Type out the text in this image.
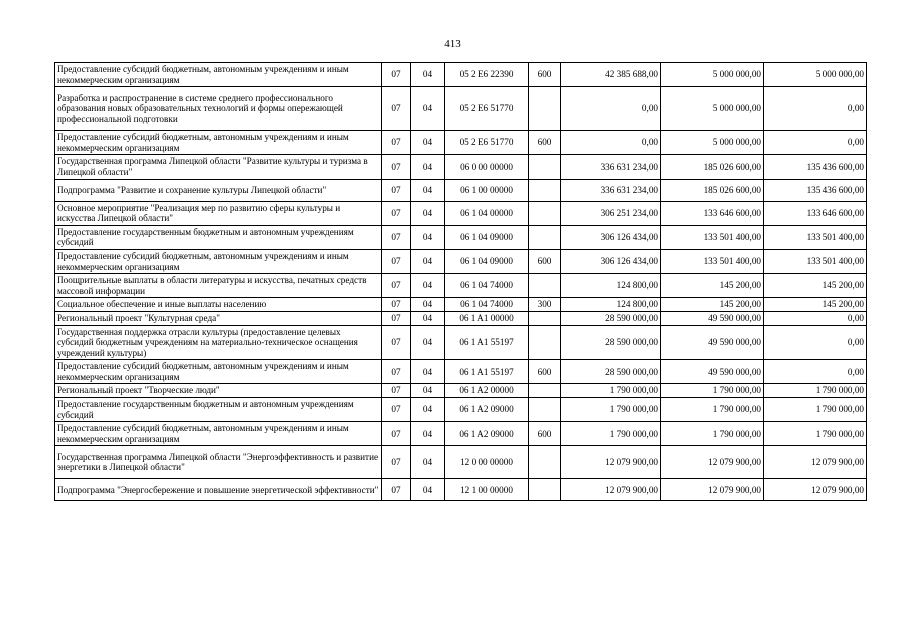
413
Предоставление субсидий бюджетным, автономным учреждениям и иным некоммерческим организациям	07	04	05 2 E6 22390	600	42 385 688,00	5 000 000,00	5 000 000,00
Разработка и распространение в системе среднего профессионального образования новых образовательных технологий и формы опережающей профессиональной подготовки	07	04	05 2 E6 51770		0,00	5 000 000,00	0,00
Предоставление субсидий бюджетным, автономным учреждениям и иным некоммерческим организациям	07	04	05 2 E6 51770	600	0,00	5 000 000,00	0,00
Государственная программа Липецкой области "Развитие культуры и туризма в Липецкой области"	07	04	06 0 00 00000		336 631 234,00	185 026 600,00	135 436 600,00
Подпрограмма "Развитие и сохранение культуры Липецкой области"	07	04	06 1 00 00000		336 631 234,00	185 026 600,00	135 436 600,00
Основное мероприятие "Реализация мер по развитию сферы культуры и искусства Липецкой области"	07	04	06 1 04 00000		306 251 234,00	133 646 600,00	133 646 600,00
Предоставление государственным бюджетным и автономным учреждениям субсидий	07	04	06 1 04 09000		306 126 434,00	133 501 400,00	133 501 400,00
Предоставление субсидий бюджетным, автономным учреждениям и иным некоммерческим организациям	07	04	06 1 04 09000	600	306 126 434,00	133 501 400,00	133 501 400,00
Поощрительные выплаты в области литературы и искусства, печатных средств массовой информации	07	04	06 1 04 74000		124 800,00	145 200,00	145 200,00
Социальное обеспечение и иные выплаты населению	07	04	06 1 04 74000	300	124 800,00	145 200,00	145 200,00
Региональный проект "Культурная среда"	07	04	06 1 A1 00000		28 590 000,00	49 590 000,00	0,00
Государственная поддержка отрасли культуры (предоставление целевых субсидий бюджетным учреждениям на материально-техническое оснащения учреждений культуры)	07	04	06 1 A1 55197		28 590 000,00	49 590 000,00	0,00
Предоставление субсидий бюджетным, автономным учреждениям и иным некоммерческим организациям	07	04	06 1 A1 55197	600	28 590 000,00	49 590 000,00	0,00
Региональный проект "Творческие люди"	07	04	06 1 A2 00000		1 790 000,00	1 790 000,00	1 790 000,00
Предоставление государственным бюджетным и автономным учреждениям субсидий	07	04	06 1 A2 09000		1 790 000,00	1 790 000,00	1 790 000,00
Предоставление субсидий бюджетным, автономным учреждениям и иным некоммерческим организациям	07	04	06 1 A2 09000	600	1 790 000,00	1 790 000,00	1 790 000,00
Государственная программа Липецкой области "Энергоэффективность и развитие энергетики в Липецкой области"	07	04	12 0 00 00000		12 079 900,00	12 079 900,00	12 079 900,00
Подпрограмма "Энергосбережение и повышение энергетической эффективности"	07	04	12 1 00 00000		12 079 900,00	12 079 900,00	12 079 900,00
